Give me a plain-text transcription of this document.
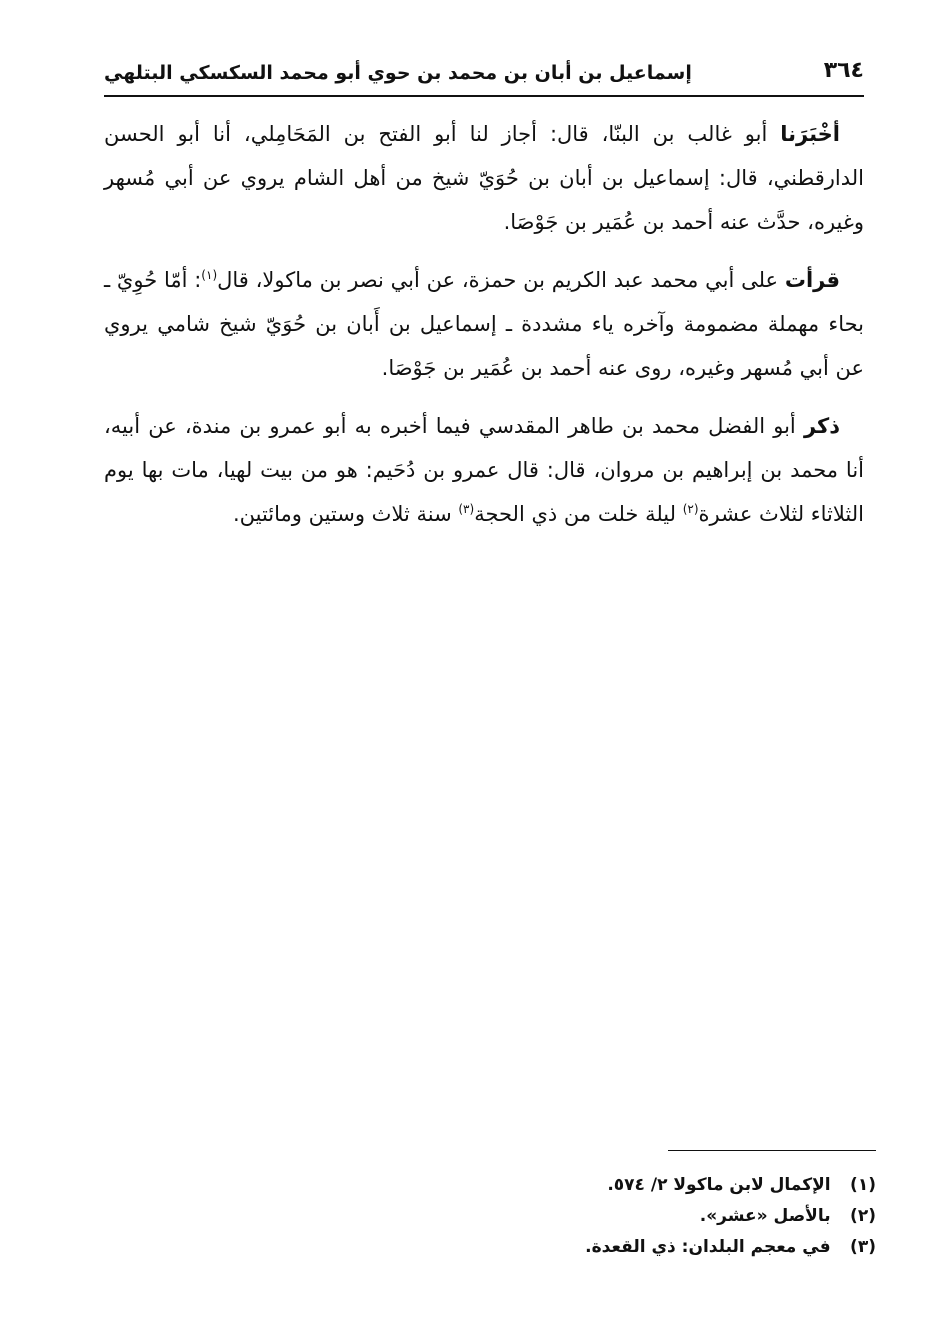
٣٦٤
إسماعيل بن أبان بن محمد بن حوي أبو محمد السكسكي البتلهي

أخْبَرَنا أبو غالب بن البنّا، قال: أجاز لنا أبو الفتح بن المَحَامِلي، أنا أبو الحسن الدارقطني، قال: إسماعيل بن أبان بن حُوَيّ شيخ من أهل الشام يروي عن أبي مُسهر وغيره، حدَّث عنه أحمد بن عُمَير بن جَوْصَا.

قرأت على أبي محمد عبد الكريم بن حمزة، عن أبي نصر بن ماكولا، قال$^{(١)}$: أمّا حُوِيّ ـ بحاء مهملة مضمومة وآخره ياء مشددة ـ إسماعيل بن أَبان بن حُوَيّ شيخ شامي يروي عن أبي مُسهر وغيره، روى عنه أحمد بن عُمَير بن جَوْصَا.

ذكر أبو الفضل محمد بن طاهر المقدسي فيما أخبره به أبو عمرو بن مندة، عن أبيه، أنا محمد بن إبراهيم بن مروان، قال: قال عمرو بن دُحَيم: هو من بيت لهيا، مات بها يوم الثلاثاء لثلاث عشرة$^{(٢)}$ ليلة خلت من ذي الحجة$^{(٣)}$ سنة ثلاث وستين ومائتين.

(١) الإكمال لابن ماكولا ٢/ ٥٧٤.
(٢) بالأصل «عشر».
(٣) في معجم البلدان: ذي القعدة.
